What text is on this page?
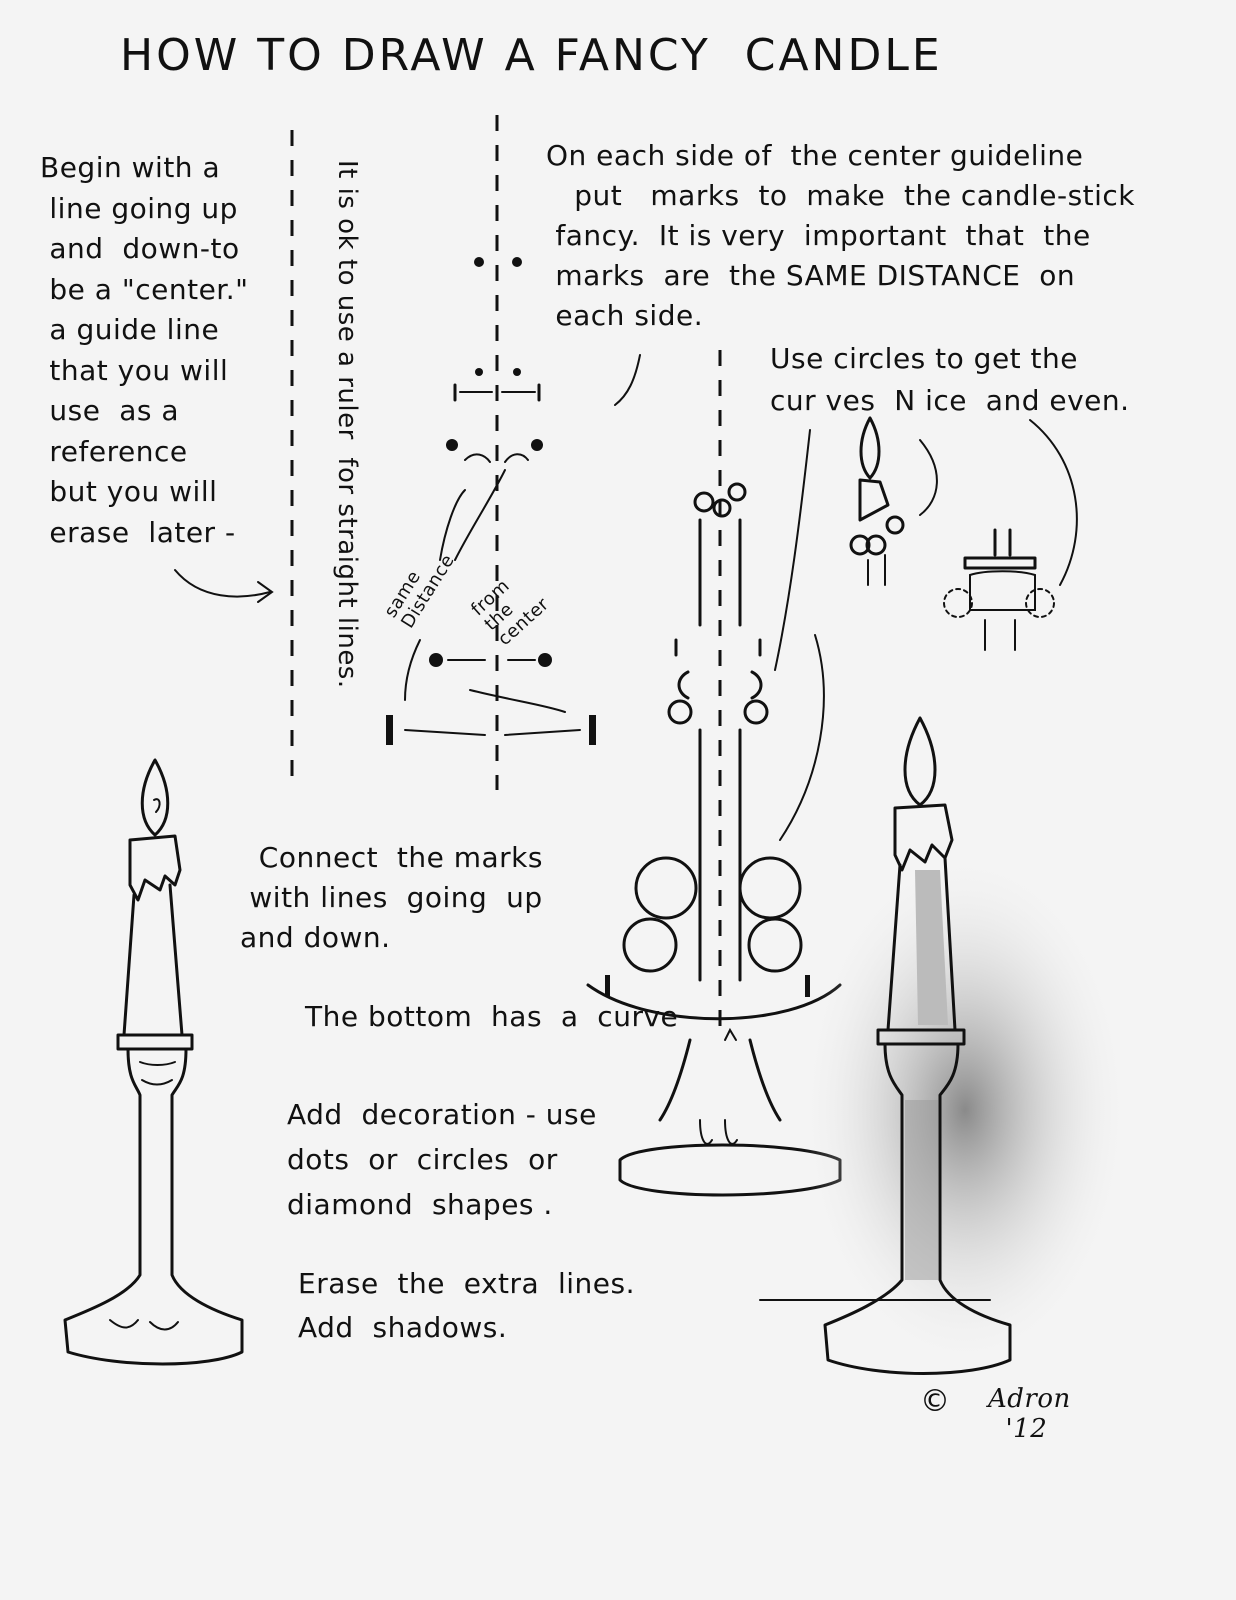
HOW TO DRAW A FANCY  CANDLE
Begin with a
line going up
and  down-to
be a "center."
a guide line
that you will
use  as a
reference
but you will
erase  later -	It is ok to use a ruler  for straight lines.
On each side of  the center guideline
put   marks  to  make  the candle-stick
fancy.  It is very  important  that  the
marks  are  the SAME DISTANCE  on
each side.
Use circles to get the
cur ves  N ice  and even.
same
Distance from
the
center
Connect  the marks
with lines  going  up
and down.
The bottom  has  a  curve
Add  decoration - use
dots  or  circles  or
diamond  shapes .
Erase  the  extra  lines.
Add  shadows.
© Adron
'12
